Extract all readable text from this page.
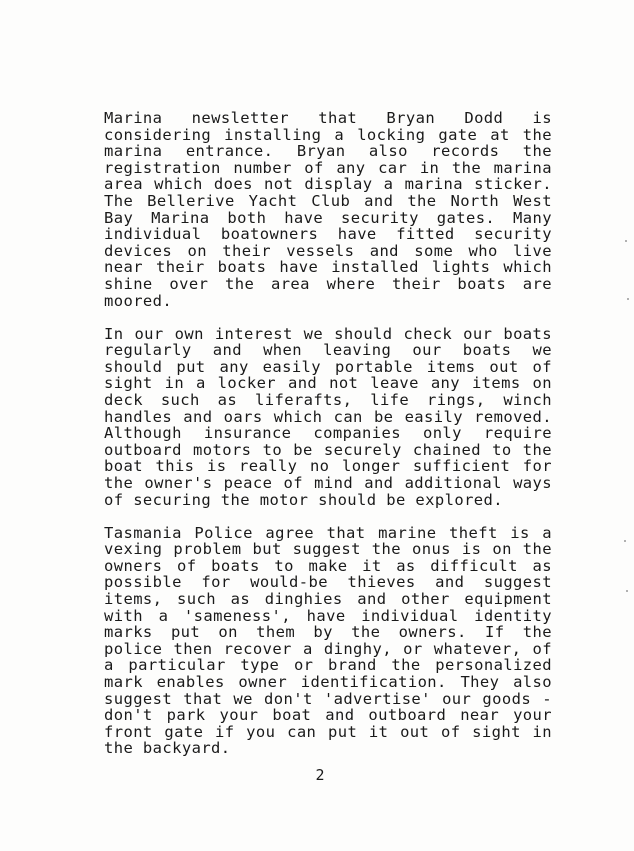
Marina newsletter that Bryan Dodd is
considering installing a locking gate at the
marina entrance. Bryan also records the
registration number of any car in the marina
area which does not display a marina sticker.
The Bellerive Yacht Club and the North West
Bay Marina both have security gates. Many
individual boatowners have fitted security
devices on their vessels and some who live
near their boats have installed lights which
shine over the area where their boats are
moored.
In our own interest we should check our boats
regularly and when leaving our boats we
should put any easily portable items out of
sight in a locker and not leave any items on
deck such as liferafts, life rings, winch
handles and oars which can be easily removed.
Although insurance companies only require
outboard motors to be securely chained to the
boat this is really no longer sufficient for
the owner's peace of mind and additional ways
of securing the motor should be explored.
Tasmania Police agree that marine theft is a
vexing problem but suggest the onus is on the
owners of boats to make it as difficult as
possible for would-be thieves and suggest
items, such as dinghies and other equipment
with a 'sameness', have individual identity
marks put on them by the owners. If the
police then recover a dinghy, or whatever, of
a particular type or brand the personalized
mark enables owner identification. They also
suggest that we don't 'advertise' our goods -
don't park your boat and outboard near your
front gate if you can put it out of sight in
the backyard.
2
